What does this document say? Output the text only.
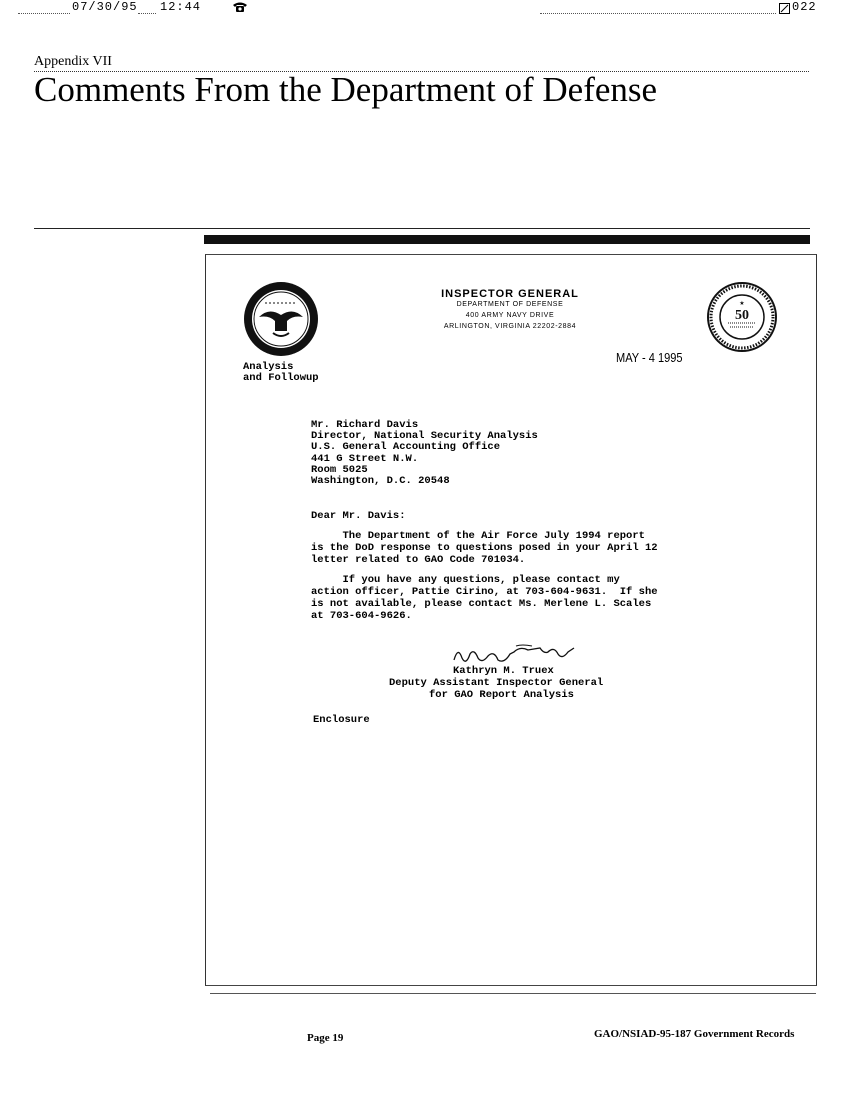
07/30/95 12:44	022
Appendix VII
Comments From the Department of Defense
INSPECTOR GENERAL
DEPARTMENT OF DEFENSE
400 ARMY NAVY DRIVE
ARLINGTON, VIRGINIA 22202-2884
★
50
MAY - 4 1995
Analysis
and Followup
Mr. Richard Davis
Director, National Security Analysis
U.S. General Accounting Office
441 G Street N.W.
Room 5025
Washington, D.C. 20548
Dear Mr. Davis:
The Department of the Air Force July 1994 report
is the DoD response to questions posed in your April 12
letter related to GAO Code 701034.
If you have any questions, please contact my
action officer, Pattie Cirino, at 703-604-9631.  If she
is not available, please contact Ms. Merlene L. Scales
at 703-604-9626.
Kathryn M. Truex
Deputy Assistant Inspector General
for GAO Report Analysis
Enclosure
Page 19	GAO/NSIAD-95-187 Government Records
